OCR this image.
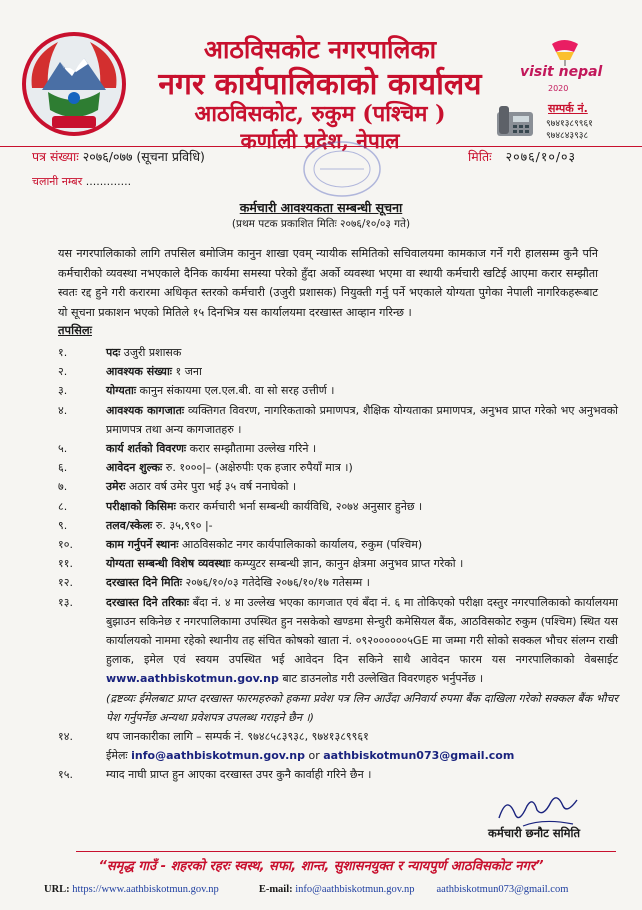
आठविसकोट नगरपालिका
नगर कार्यपालिकाको कार्यालय
आठविसकोट, रुकुम (पश्चिम )
कर्णाली प्रदेश, नेपाल
visit nepal
2020
सम्पर्क नं.
९७४१३८९९६१
९७४८४३९३८
पत्र संख्याः २०७६/०७७ (सूचना प्रविधि)	मितिः २०७६/१०/०३
चलानी नम्बर .............
कर्मचारी आवश्यकता सम्बन्धी सूचना
(प्रथम पटक प्रकाशित मितिः २०७६/१०/०३ गते)
यस नगरपालिकाको लागि तपसिल बमोजिम कानुन शाखा एवम् न्यायीक समितिको सचिवालयमा कामकाज गर्ने गरी हालसम्म कुनै पनि कर्मचारीको व्यवस्था नभएकाले दैनिक कार्यमा समस्या परेको हुँदा अर्को व्यवस्था भएमा वा स्थायी कर्मचारी खटिई आएमा करार सम्झौता स्वतः रद्द हुने गरी करारमा अधिकृत स्तरको कर्मचारी (उजुरी प्रशासक) नियुक्ती गर्नु पर्ने भएकाले योग्यता पुगेका नेपाली नागरिकहरूबाट यो सूचना प्रकाशन भएको मितिले १५ दिनभित्र यस कार्यालयमा दरखास्त आव्हान गरिन्छ ।
तपसिलः
१.	पदः उजुरी प्रशासक
२.	आवश्यक संख्याः १ जना
३.	योग्यताः कानुन संकायमा एल.एल.बी. वा सो सरह उत्तीर्ण ।
४.	आवश्यक कागजातः व्यक्तिगत विवरण, नागरिकताको प्रमाणपत्र, शैक्षिक योग्यताका प्रमाणपत्र, अनुभव प्राप्त गरेको भए अनुभवको प्रमाणपत्र तथा अन्य कागजातहरु ।
५.	कार्य शर्तको विवरणः करार सम्झौतामा उल्लेख गरिने ।
६.	आवेदन शुल्कः रु. १०००|– (अक्षेरुपीः एक हजार रुपैयाँ मात्र ।)
७.	उमेरः अठार वर्ष उमेर पुरा भई ३५ वर्ष ननाघेको ।
८.	परीक्षाको किसिमः करार कर्मचारी भर्ना सम्बन्धी कार्यविधि, २०७४ अनुसार हुनेछ ।
९.	तलव/स्केलः रु. ३५,९९० |-
१०.	काम गर्नुपर्ने स्थानः आठविसकोट नगर कार्यपालिकाको कार्यालय, रुकुम (पश्चिम)
११.	योग्यता सम्बन्धी विशेष व्यवस्थाः कम्प्युटर सम्बन्धी ज्ञान, कानुन क्षेत्रमा अनुभव प्राप्त गरेको ।
१२.	दरखास्त दिने मितिः २०७६/१०/०३ गतेदेखि २०७६/१०/१७ गतेसम्म ।
१३.	दरखास्त दिने तरिकाः बँदा नं. ४ मा उल्लेख भएका कागजात एवं बँदा नं. ६ मा तोकिएको परीक्षा दस्तुर नगरपालिकाको कार्यालयमा बुझाउन सकिनेछ र नगरपालिकामा उपस्थित हुन नसकेको खण्डमा सेन्चुरी कमेसियल बैंक, आठविसकोट रुकुम (पश्चिम) स्थित यस कार्यालयको नाममा रहेको स्थानीय तह संचित कोषको खाता नं. ०९२००००००५GE मा जम्मा गरी सोको सक्कल भौचर संलग्न राखी हुलाक, इमेल एवं स्वयम उपस्थित भई आवेदन दिन सकिने साथै आवेदन फारम यस नगरपालिकाको वेबसाईट www.aathbiskotmun.gov.np बाट डाउनलोड गरी उल्लेखित विवरणहरु भर्नुपर्नेछ ।
(द्रष्टव्यः ईमेलबाट प्राप्त दरखास्त फारमहरुको हकमा प्रवेश पत्र लिन आउँदा अनिवार्य रुपमा बैंक दाखिला गरेको सक्कल बैंक भौचर पेश गर्नुपर्नेछ अन्यथा प्रवेशपत्र उपलब्ध गराइने छैन ।)
१४.	थप जानकारीका लागि – सम्पर्क नं. ९७४८५८३९३८, ९७४१३८९९६१
ईमेलः info@aathbiskotmun.gov.np or aathbiskotmun073@gmail.com
१५.	म्याद नाघी प्राप्त हुन आएका दरखास्त उपर कुनै कार्वाही गरिने छैन ।
कर्मचारी छनौट समिति
“समृद्ध गाउँ - शहरको रहरः स्वस्थ, सफा, शान्त, सुशासनयुक्त र न्यायपुर्ण आठविसकोट नगर”
URL:
https://www.aathbiskotmun.gov.np	E-mail:
info@aathbiskotmun.gov.np aathbiskotmun073@gmail.com
